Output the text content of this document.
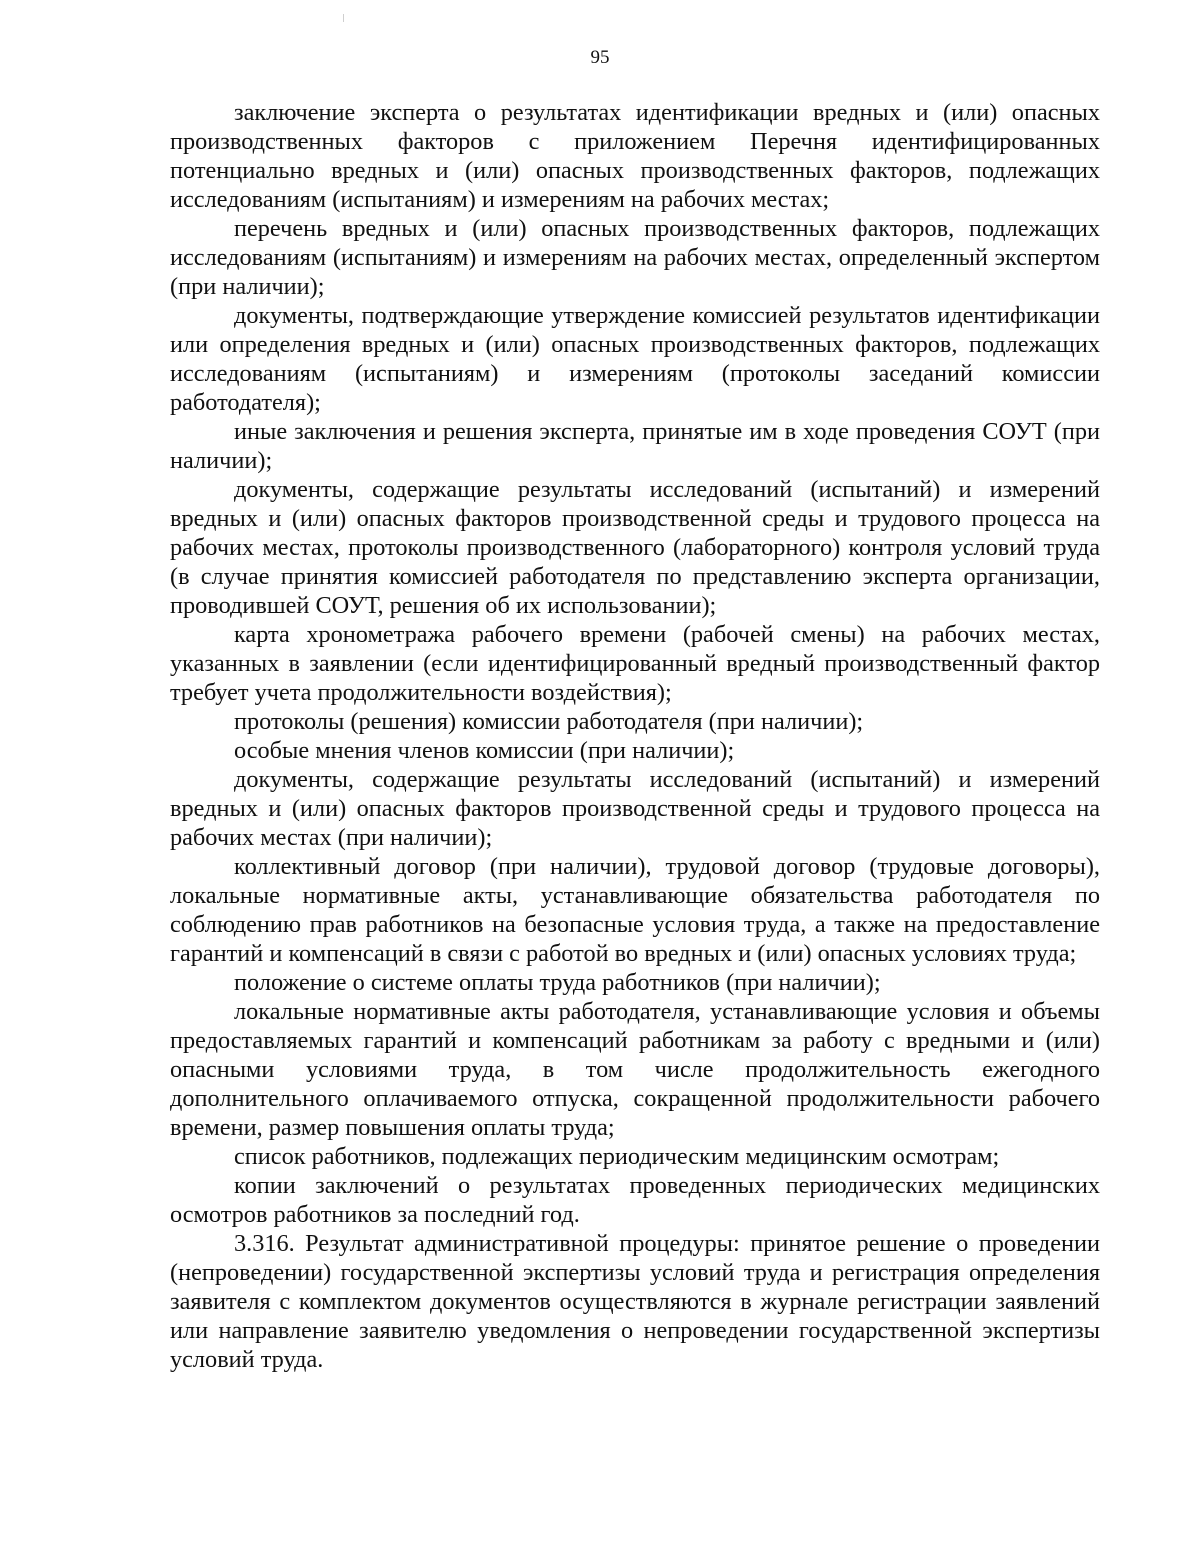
95

заключение эксперта о результатах идентификации вредных и (или) опасных производственных факторов с приложением Перечня идентифицированных потенциально вредных и (или) опасных производственных факторов, подлежащих исследованиям (испытаниям) и измерениям на рабочих местах;

перечень вредных и (или) опасных производственных факторов, подлежащих исследованиям (испытаниям) и измерениям на рабочих местах, определенный экспертом (при наличии);

документы, подтверждающие утверждение комиссией результатов идентификации или определения вредных и (или) опасных производственных факторов, подлежащих исследованиям (испытаниям) и измерениям (протоколы заседаний комиссии работодателя);

иные заключения и решения эксперта, принятые им в ходе проведения СОУТ (при наличии);

документы, содержащие результаты исследований (испытаний) и измерений вредных и (или) опасных факторов производственной среды и трудового процесса на рабочих местах, протоколы производственного (лабораторного) контроля условий труда (в случае принятия комиссией работодателя по представлению эксперта организации, проводившей СОУТ, решения об их использовании);

карта хронометража рабочего времени (рабочей смены) на рабочих местах, указанных в заявлении (если идентифицированный вредный производственный фактор требует учета продолжительности воздействия);

протоколы (решения) комиссии работодателя (при наличии);

особые мнения членов комиссии (при наличии);

документы, содержащие результаты исследований (испытаний) и измерений вредных и (или) опасных факторов производственной среды и трудового процесса на рабочих местах (при наличии);

коллективный договор (при наличии), трудовой договор (трудовые договоры), локальные нормативные акты, устанавливающие обязательства работодателя по соблюдению прав работников на безопасные условия труда, а также на предоставление гарантий и компенсаций в связи с работой во вредных и (или) опасных условиях труда;

положение о системе оплаты труда работников (при наличии);

локальные нормативные акты работодателя, устанавливающие условия и объемы предоставляемых гарантий и компенсаций работникам за работу с вредными и (или) опасными условиями труда, в том числе продолжительность ежегодного дополнительного оплачиваемого отпуска, сокращенной продолжительности рабочего времени, размер повышения оплаты труда;

список работников, подлежащих периодическим медицинским осмотрам;

копии заключений о результатах проведенных периодических медицинских осмотров работников за последний год.

3.316. Результат административной процедуры: принятое решение о проведении (непроведении) государственной экспертизы условий труда и регистрация определения заявителя с комплектом документов осуществляются в журнале регистрации заявлений или направление заявителю уведомления о непроведении государственной экспертизы условий труда.
